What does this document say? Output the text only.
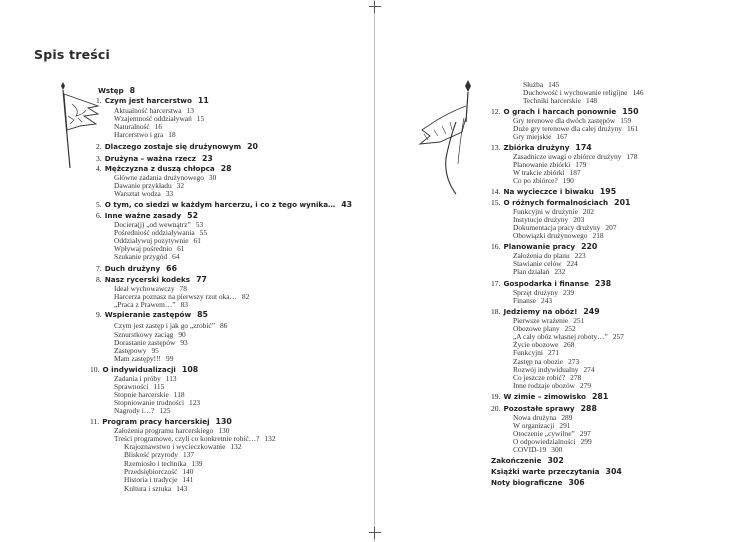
Spis treści
Wstęp 8
1. Czym jest harcerstwo 11
Aktualność harcerstwa 13
Wzajemność oddziaływań 15
Naturalność 16
Harcerstwo i gra 18
2. Dlaczego zostaje się drużynowym 20
3. Drużyna – ważna rzecz 23
4. Mężczyzna z duszą chłopca 28
Główne zadania drużynowego 30
Dawanie przykładu 32
Warsztat wodza 33
5. O tym, co siedzi w każdym harcerzu, i co z tego wynika… 43
6. Inne ważne zasady 52
Dociera(j) „od wewnątrz” 53
Pośredniość oddziaływania 55
Oddziaływuj pozytywnie 61
Wpływaj pośrednio 61
Szukanie przygód 64
7. Duch drużyny 66
8. Nasz rycerski kodeks 77
Ideał wychowawczy 78
Harcerza poznasz na pierwszy rzut oka… 82
„Praca z Prawem…” 83
9. Wspieranie zastępów 85
Czym jest zastęp i jak go „zrobić” 86
Sznurstkowy zaciąg 90
Dorastanie zastępów 93
Zastępowy 95
Mam zastępy!!! 99
10. O indywidualizacji 108
Zadania i próby 113
Sprawności 115
Stopnie harcerskie 118
Stopniowanie trudności 123
Nagrody i…? 125
11. Program pracy harcerskiej 130
Założenia programu harcerskiego 130
Treści programowe, czyli co konkretnie robić…? 132
Krajoznawstwo i wycieczkowanie 132
Bliskość przyrody 137
Rzemiosło i technika 139
Przedsiębiorczość 140
Historia i tradycje 141
Kultura i sztuka 143
Służba 145
Duchowość i wychowanie religijne 146
Techniki harcerskie 148
12. O grach i harcach ponownie 150
Gry terenowe dla dwóch zastępów 159
Duże gry terenowe dla całej drużyny 161
Gry miejskie 167
13. Zbiórka drużyny 174
Zasadnicze uwagi o zbiórce drużyny 178
Planowanie zbiórki 179
W trakcie zbiórki 187
Co po zbiórce? 190
14. Na wycieczce i biwaku 195
15. O różnych formalnościach 201
Funkcyjni w drużynie 202
Instytucje drużyny 203
Dokumentacja pracy drużyny 207
Obowiązki drużynowego 218
16. Planowanie pracy 220
Założenia do planu 223
Stawianie celów 224
Plan działań 232
17. Gospodarka i finanse 238
Sprzęt drużyny 239
Finanse 243
18. Jedziemy na obóz! 249
Pierwsze wrażenie 251
Obozowe plany 252
„A cały obóz własnej roboty…” 257
Życie obozowe 268
Funkcyjni 271
Zastęp na obozie 273
Rozwój indywidualny 274
Co jeszcze robić? 278
Inne rodzaje obozów 279
19. W zimie – zimowisko 281
20. Pozostałe sprawy 288
Nowa drużyna 289
W organizacji 291
Otoczenie „cywilne” 297
O odpowiedzialności 299
COVID-19 300
Zakończenie 302
Książki warte przeczytania 304
Noty biograficzne 306
